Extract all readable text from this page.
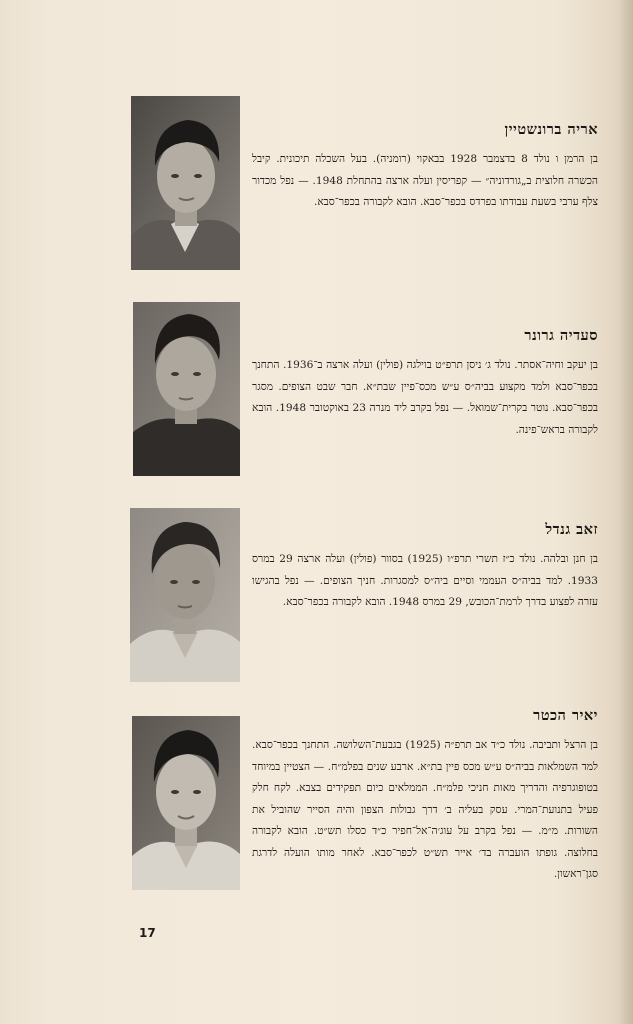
אריה ברונשטיין
בן הרמן ו נולד 8 בדצמבר 1928 בבאקוי (רומניה). בעל השכלה תיכונית. קיבל הכשרה חלוצית ב„גורדוניה״ — קפריסין ועלה ארצה בהתחלת 1948. — נפל מכדור צלף ערבי בשעת עבודתו בפרדס בכפר־סבא. הובא לקבורה בכפר־סבא.
סעדיה גרונר
בן יעקב וחיה־אסתר. נולד ג׳ ניסן תרפ״ט בוילגה (פולין) ועלה ארצה ב־1936. התחנך בכפר־סבא ולמד מקצוע בביה״ס ע״ש מכס־פיין שבת״א. חבר שבט הצופים. מסגר בכפר־סבא. נוטר בקרית־שמואל. — נפל בקרב ליד מנרה 23 באוקטובר 1948. הובא לקבורה בראש־פינה.
זאב גנדל
בן חנן ובלהה. נולד כ״ז תשרי תרפ״ו (1925) בסוור (פולין) ועלה ארצה 29 במרס 1933. למד בביה״ס העממי וסיים ביה״ס למסגרות. חניך הצופים. — נפל בהגישו עזרה לפצוע בדרך לרמת־הכובש, 29 במרס 1948. הובא לקבורה בכפר־סבא.
יאיר הכטר
בן הרצל ותביבה. נולד כ״ד אב תרפ״ה (1925) בגבעת־השלושה. התחנך בכפר־סבא. למד השמלאות בביה״ס ע״ש מכס פיין בת״א. ארבע שנים בפלמ״ח. — הצטיין במיוחד בטופוגרפיה והדריך מאות חניכי פלמ״ח. הממלאים כיום תפקידים בצבא. לקח חלק פעיל בתנועת־המרי. עסק בעליה ב׳ דרך גבולות הצפון והיה הסייר שהוביל את השורות. מ״מ. — נפל בקרב על עוג׳ה־אל־חפיר כ״ד כסלו תש״ט. הובא לקבורה בחלוצה. גופתו הועברה בד׳ אייר תש״ט לכפר־סבא. לאחר מותו הועלה לדרגת סגן־ראשון.
17
